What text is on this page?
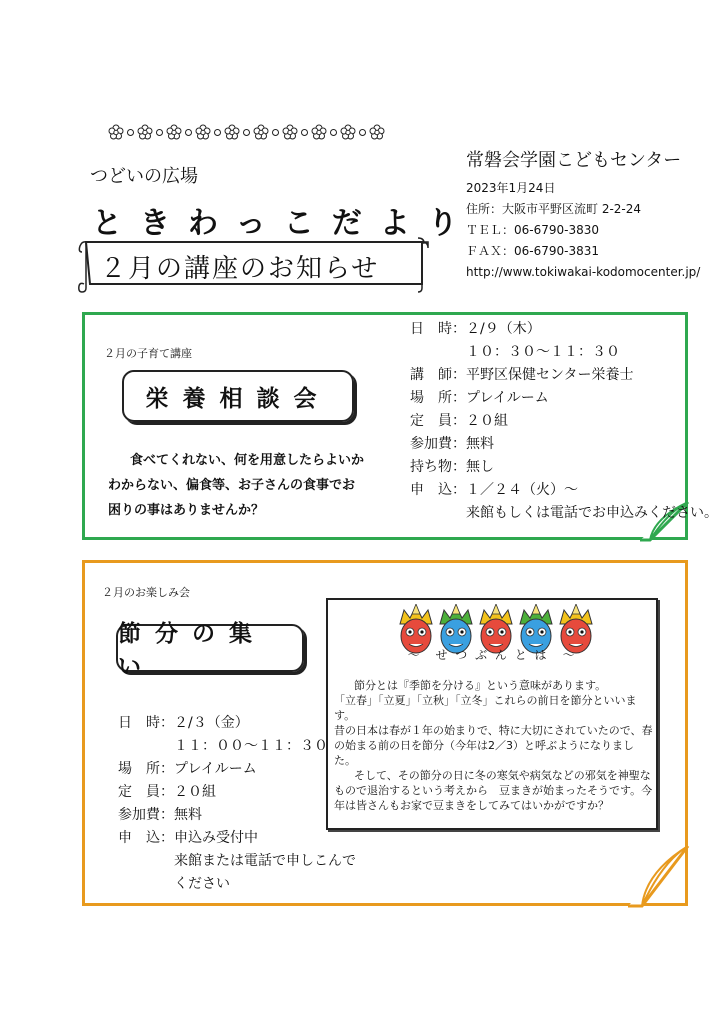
つどいの広場
ときわっこだより
２月の講座のお知らせ
常磐会学園こどもセンター
2023年1月24日
住所：大阪市平野区流町 2-2-24
ＴＥＬ：06-6790-3830
ＦＡＸ：06-6790-3831
http://www.tokiwakai-kodomocenter.jp/
２月の子育て講座
栄養相談会
食べてくれない、何を用意したらよいか
わからない、偏食等、お子さんの食事でお
困りの事はありませんか？
日　時： ２/９（木）
１０：３０～１１：３０
講　師： 平野区保健センター栄養士
場　所： プレイルーム
定　員： ２０組
参加費： 無料
持ち物： 無し
申　込： １／２４（火）～
来館もしくは電話でお申込みください。
２月のお楽しみ会
節分の集い
日　時： ２/３（金）
１１：００～１１：３０
場　所： プレイルーム
定　員： ２０組
参加費： 無料
申　込： 申込み受付中
来館または電話で申しこんで
ください
～　せ つ ぶ ん と は　～
節分とは『季節を分ける』という意味があります。
「立春」「立夏」「立秋」「立冬」これらの前日を節分といいます。
昔の日本は春が１年の始まりで、特に大切にされていたので、春の始まる前の日を節分（今年は2／3）と呼ぶようになりました。
そして、その節分の日に冬の寒気や病気などの邪気を神聖なもので退治するという考えから　豆まきが始まったそうです。今年は皆さんもお家で豆まきをしてみてはいかがですか？
